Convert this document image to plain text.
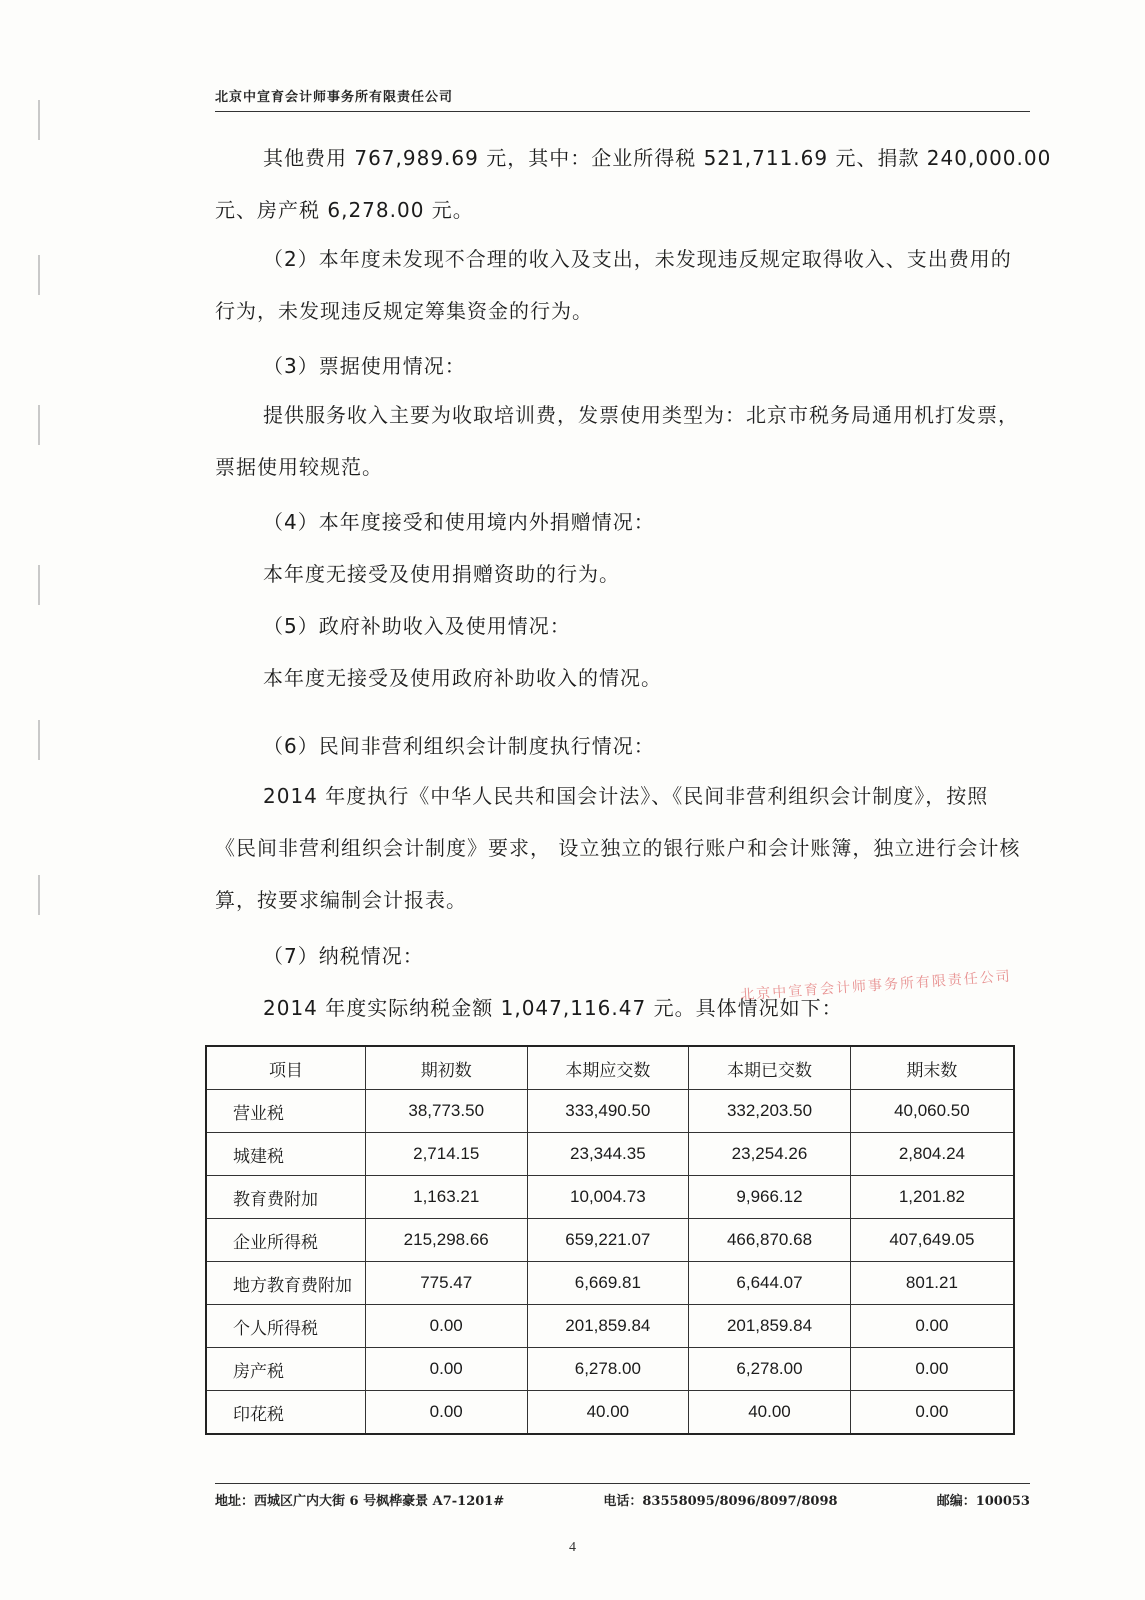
北京中宣育会计师事务所有限责任公司
其他费用 767,989.69 元，其中：企业所得税 521,711.69 元、捐款 240,000.00
元、房产税 6,278.00 元。
（2）本年度未发现不合理的收入及支出，未发现违反规定取得收入、支出费用的行为，未发现违反规定筹集资金的行为。
（3）票据使用情况：
提供服务收入主要为收取培训费，发票使用类型为：北京市税务局通用机打发票，票据使用较规范。
（4）本年度接受和使用境内外捐赠情况：
本年度无接受及使用捐赠资助的行为。
（5）政府补助收入及使用情况：
本年度无接受及使用政府补助收入的情况。
（6）民间非营利组织会计制度执行情况：
2014 年度执行《中华人民共和国会计法》、《民间非营利组织会计制度》，按照《民间非营利组织会计制度》要求， 设立独立的银行账户和会计账簿，独立进行会计核算，按要求编制会计报表。
（7）纳税情况：
2014 年度实际纳税金额 1,047,116.47 元。具体情况如下：
北京中宣育会计师事务所有限责任公司
项目	期初数	本期应交数	本期已交数	期末数
营业税	38,773.50	333,490.50	332,203.50	40,060.50
城建税	2,714.15	23,344.35	23,254.26	2,804.24
教育费附加	1,163.21	10,004.73	9,966.12	1,201.82
企业所得税	215,298.66	659,221.07	466,870.68	407,649.05
地方教育费附加	775.47	6,669.81	6,644.07	801.21
个人所得税	0.00	201,859.84	201,859.84	0.00
房产税	0.00	6,278.00	6,278.00	0.00
印花税	0.00	40.00	40.00	0.00
地址：西城区广内大街 6 号枫桦豪景 A7-1201#	电话：83558095/8096/8097/8098	邮编：100053
4
